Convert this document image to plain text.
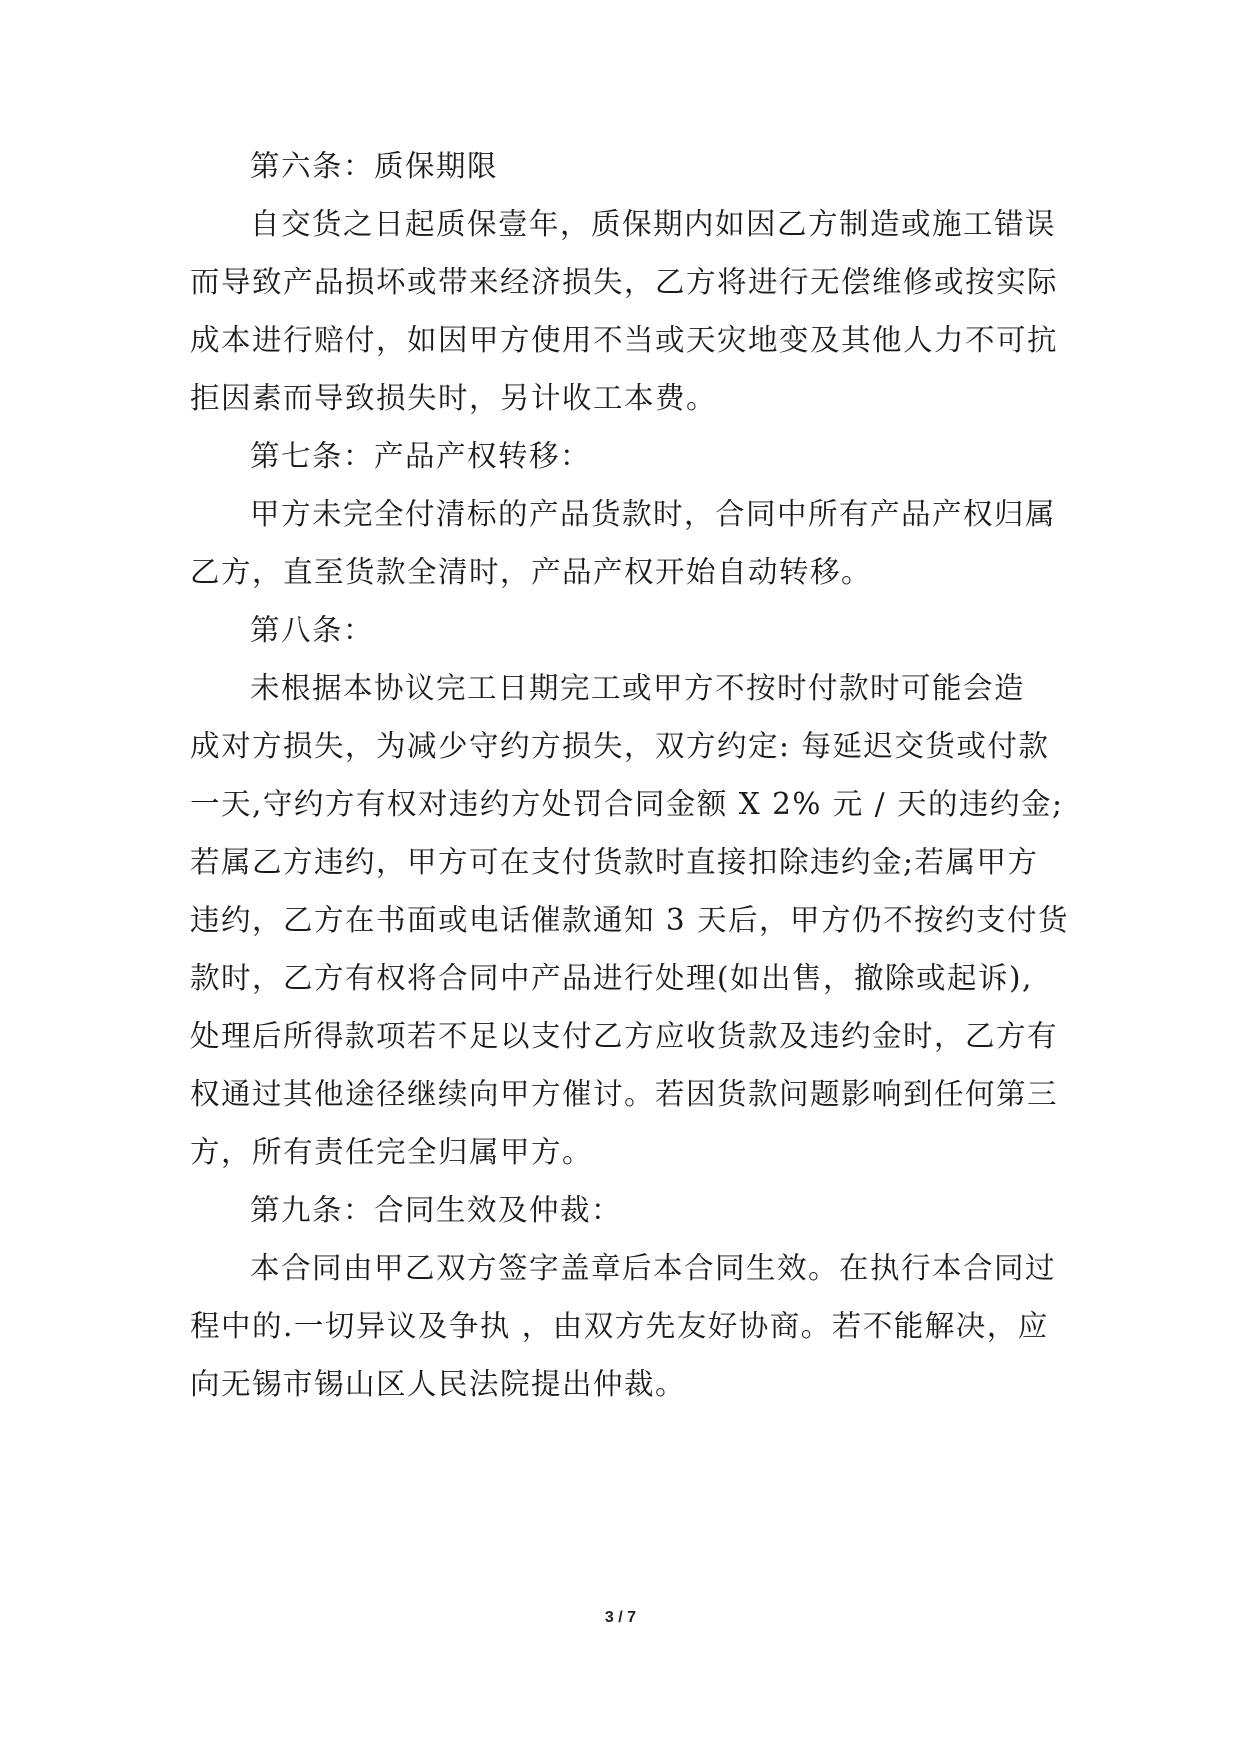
第六条：质保期限
自交货之日起质保壹年，质保期内如因乙方制造或施工错误
而导致产品损坏或带来经济损失，乙方将进行无偿维修或按实际
成本进行赔付，如因甲方使用不当或天灾地变及其他人力不可抗
拒因素而导致损失时，另计收工本费。
第七条：产品产权转移：
甲方未完全付清标的产品货款时，合同中所有产品产权归属
乙方，直至货款全清时，产品产权开始自动转移。
第八条：
未根据本协议完工日期完工或甲方不按时付款时可能会造
成对方损失，为减少守约方损失，双方约定: 每延迟交货或付款
一天,守约方有权对违约方处罚合同金额 X 2% 元 / 天的违约金;
若属乙方违约，甲方可在支付货款时直接扣除违约金;若属甲方
违约，乙方在书面或电话催款通知 3 天后，甲方仍不按约支付货
款时，乙方有权将合同中产品进行处理(如出售，撤除或起诉),
处理后所得款项若不足以支付乙方应收货款及违约金时，乙方有
权通过其他途径继续向甲方催讨。若因货款问题影响到任何第三
方，所有责任完全归属甲方。
第九条：合同生效及仲裁：
本合同由甲乙双方签字盖章后本合同生效。在执行本合同过
程中的.一切异议及争执 ，由双方先友好协商。若不能解决，应
向无锡市锡山区人民法院提出仲裁。
3 / 7
